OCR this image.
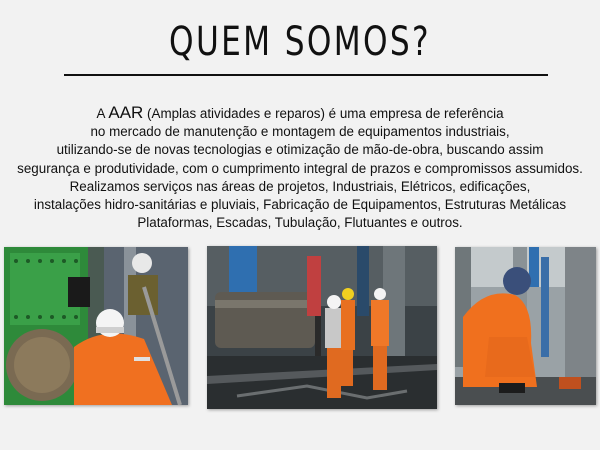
QUEM SOMOS?
A AAR (Amplas atividades e reparos) é uma empresa de referência
no mercado de manutenção e montagem de equipamentos industriais,
utilizando-se de novas tecnologias e otimização de mão-de-obra, buscando assim
segurança e produtividade, com o cumprimento integral de prazos e compromissos assumidos.
Realizamos serviços nas áreas de projetos, Industriais, Elétricos, edificações,
instalações hidro-sanitárias e pluviais, Fabricação de Equipamentos, Estruturas Metálicas
Plataformas, Escadas, Tubulação, Flutuantes e outros.
